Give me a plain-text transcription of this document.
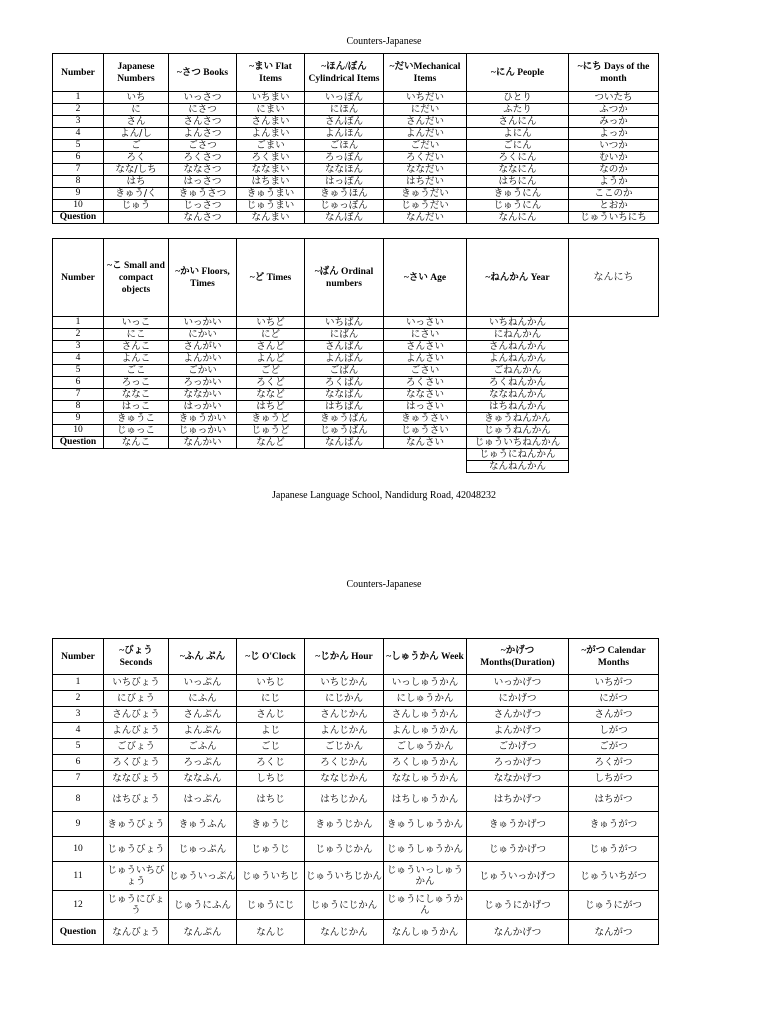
Counters-Japanese
Number	Japanese Numbers	~さつ Books	~まい Flat Items	~ほん/ぼん Cylindrical Items	~だいMechanical Items	~にん People	~にち Days of the month
1	いち	いっさつ	いちまい	いっぽん	いちだい	ひとり	ついたち
2	に	にさつ	にまい	にほん	にだい	ふたり	ふつか
3	さん	さんさつ	さんまい	さんぼん	さんだい	さんにん	みっか
4	よん/し	よんさつ	よんまい	よんほん	よんだい	よにん	よっか
5	ご	ごさつ	ごまい	ごほん	ごだい	ごにん	いつか
6	ろく	ろくさつ	ろくまい	ろっぽん	ろくだい	ろくにん	むいか
7	なな/しち	ななさつ	ななまい	ななほん	ななだい	ななにん	なのか
8	はち	はっさつ	はちまい	はっぽん	はちだい	はちにん	ようか
9	きゅう/く	きゅうさつ	きゅうまい	きゅうほん	きゅうだい	きゅうにん	ここのか
10	じゅう	じっさつ	じゅうまい	じゅっぽん	じゅうだい	じゅうにん	とおか
Question		なんさつ	なんまい	なんぼん	なんだい	なんにん	じゅういちにち
Number	~こ Small and compact objects	~かい Floors, Times	~ど Times	~ばん Ordinal numbers	~さい Age	~ねんかん Year	なんにち
1	いっこ	いっかい	いちど	いちばん	いっさい	いちねんかん	
2	にこ	にかい	にど	にばん	にさい	にねんかん	
3	さんこ	さんがい	さんど	さんばん	さんさい	さんねんかん	
4	よんこ	よんかい	よんど	よんばん	よんさい	よんねんかん	
5	ごこ	ごかい	ごど	ごばん	ごさい	ごねんかん	
6	ろっこ	ろっかい	ろくど	ろくばん	ろくさい	ろくねんかん	
7	ななこ	ななかい	ななど	ななばん	ななさい	ななねんかん	
8	はっこ	はっかい	はちど	はちばん	はっさい	はちねんかん	
9	きゅうこ	きゅうかい	きゅうど	きゅうばん	きゅうさい	きゅうねんかん	
10	じゅっこ	じゅっかい	じゅうど	じゅうばん	じゅうさい	じゅうねんかん	
Question	なんこ	なんかい	なんど	なんばん	なんさい	じゅういちねんかん	
						じゅうにねんかん	
						なんねんかん	
Japanese Language School, Nandidurg Road, 42048232
Counters-Japanese
Number	~びょう Seconds	~ふん ぷん	~じ O'Clock	~じかん Hour	~しゅうかん Week	~かげつ Months(Duration)	~がつ Calendar Months
1	いちびょう	いっぷん	いちじ	いちじかん	いっしゅうかん	いっかげつ	いちがつ
2	にびょう	にふん	にじ	にじかん	にしゅうかん	にかげつ	にがつ
3	さんびょう	さんぷん	さんじ	さんじかん	さんしゅうかん	さんかげつ	さんがつ
4	よんびょう	よんぷん	よじ	よんじかん	よんしゅうかん	よんかげつ	しがつ
5	ごびょう	ごふん	ごじ	ごじかん	ごしゅうかん	ごかげつ	ごがつ
6	ろくびょう	ろっぷん	ろくじ	ろくじかん	ろくしゅうかん	ろっかげつ	ろくがつ
7	ななびょう	ななふん	しちじ	ななじかん	ななしゅうかん	ななかげつ	しちがつ
8	はちびょう	はっぷん	はちじ	はちじかん	はちしゅうかん	はちかげつ	はちがつ
9	きゅうびょう	きゅうふん	きゅうじ	きゅうじかん	きゅうしゅうかん	きゅうかげつ	きゅうがつ
10	じゅうびょう	じゅっぷん	じゅうじ	じゅうじかん	じゅうしゅうかん	じゅうかげつ	じゅうがつ
11	じゅういちびょう	じゅういっぷん	じゅういちじ	じゅういちじかん	じゅういっしゅうかん	じゅういっかげつ	じゅういちがつ
12	じゅうにびょう	じゅうにふん	じゅうにじ	じゅうにじかん	じゅうにしゅうかん	じゅうにかげつ	じゅうにがつ
Question	なんびょう	なんぷん	なんじ	なんじかん	なんしゅうかん	なんかげつ	なんがつ
